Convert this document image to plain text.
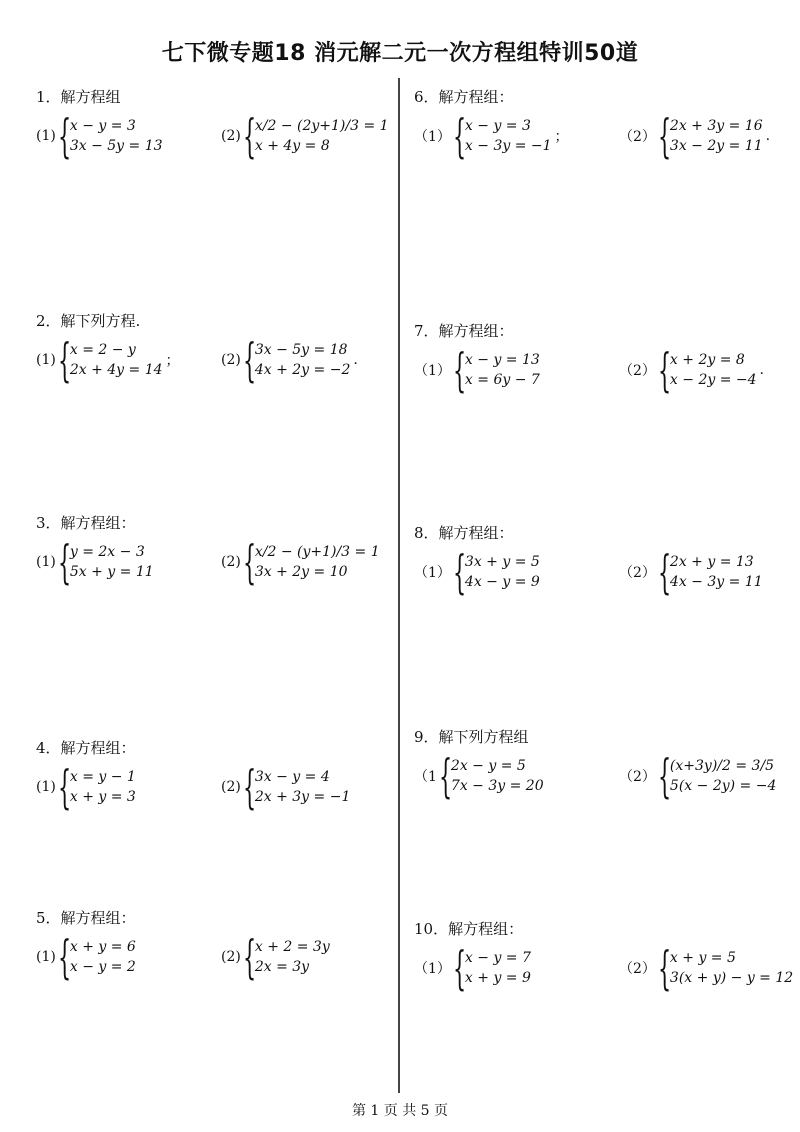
七下微专题18 消元解二元一次方程组特训50道
1．解方程组
(1) {
x − y = 3
3x − 5y = 13
(2) {
x/2 − (2y+1)/3 = 1
x + 4y = 8
2．解下列方程.
(1) {
x = 2 − y
2x + 4y = 14
；	(2) {
3x − 5y = 18
4x + 2y = −2
.
3．解方程组：
(1) {
y = 2x − 3
5x + y = 11
(2) {
x/2 − (y+1)/3 = 1
3x + 2y = 10
4．解方程组：
(1) {
x = y − 1
x + y = 3
(2) {
3x − y = 4
2x + 3y = −1
5．解方程组：
(1) {
x + y = 6
x − y = 2
(2) {
x + 2 = 3y
2x = 3y
6．解方程组：
（1） {
x − y = 3
x − 3y = −1
；	（2） {
2x + 3y = 16
3x − 2y = 11
.
7．解方程组：
（1） {
x − y = 13
x = 6y − 7
（2） {
x + 2y = 8
x − 2y = −4
.
8．解方程组：
（1） {
3x + y = 5
4x − y = 9
（2） {
2x + y = 13
4x − 3y = 11
9．解下列方程组
（1 {
2x − y = 5
7x − 3y = 20
（2） {
(x+3y)/2 = 3/5
5(x − 2y) = −4
10．解方程组：
（1） {
x − y = 7
x + y = 9
（2） {
x + y = 5
3(x + y) − y = 12
第 1 页 共 5 页
